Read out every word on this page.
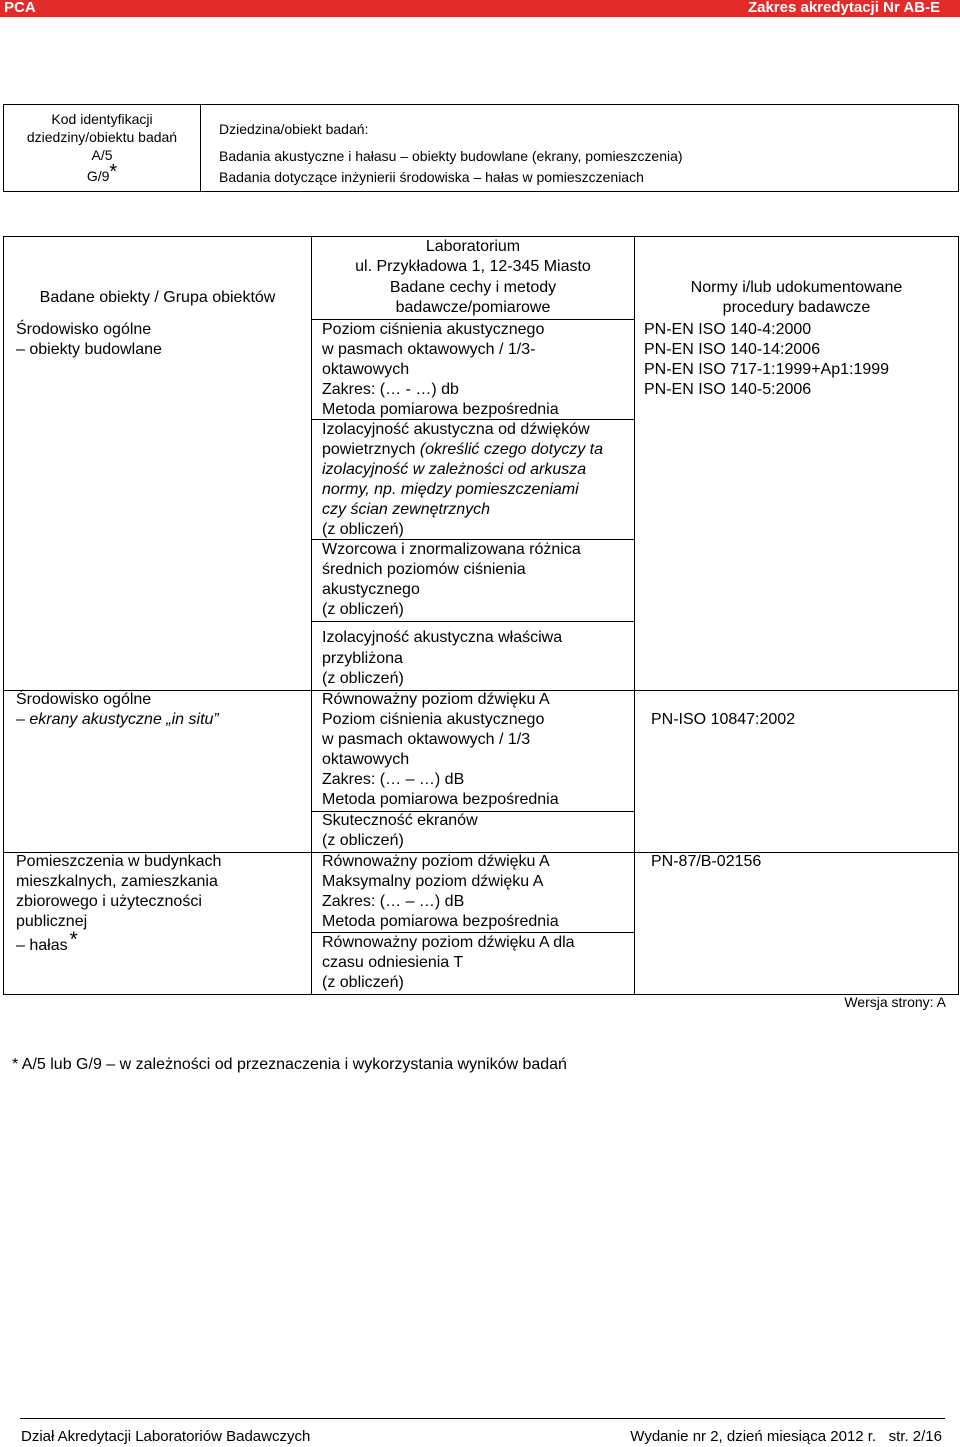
PCA	Zakres akredytacji Nr AB-E
Kod identyfikacji
dziedziny/obiektu badań
A/5
G/9*
Dziedzina/obiekt badań:
Badania akustyczne i hałasu – obiekty budowlane (ekrany, pomieszczenia)
Badania dotyczące inżynierii środowiska – hałas w pomieszczeniach
Badane obiekty / Grupa obiektów
Laboratorium
ul. Przykładowa 1, 12-345 Miasto
Badane cechy i metody
badawcze/pomiarowe
Normy i/lub udokumentowane
procedury badawcze
Środowisko ogólne
– obiekty budowlane
Środowisko ogólne
– ekrany akustyczne „in situ”
Pomieszczenia w budynkach
mieszkalnych, zamieszkania
zbiorowego i użyteczności
publicznej
– hałas*
Poziom ciśnienia akustycznego
w pasmach oktawowych / 1/3-
oktawowych
Zakres: (… - …) db
Metoda pomiarowa bezpośrednia
Izolacyjność akustyczna od dźwięków
powietrznych (określić czego dotyczy ta
izolacyjność w zależności od arkusza
normy, np. między pomieszczeniami
czy ścian zewnętrznych
(z obliczeń)
Wzorcowa i znormalizowana różnica
średnich poziomów ciśnienia
akustycznego
(z obliczeń)
Izolacyjność akustyczna właściwa
przybliżona
(z obliczeń)
Równoważny poziom dźwięku A
Poziom ciśnienia akustycznego
w pasmach oktawowych / 1/3
oktawowych
Zakres: (… – …) dB
Metoda pomiarowa bezpośrednia
Skuteczność ekranów
(z obliczeń)
Równoważny poziom dźwięku A
Maksymalny poziom dźwięku A
Zakres: (… – …) dB
Metoda pomiarowa bezpośrednia
Równoważny poziom dźwięku A dla
czasu odniesienia T
(z obliczeń)
PN-EN ISO 140-4:2000
PN-EN ISO 140-14:2006
PN-EN ISO 717-1:1999+Ap1:1999
PN-EN ISO 140-5:2006
PN-ISO 10847:2002
PN-87/B-02156
Wersja strony: A
* A/5 lub G/9 – w zależności od przeznaczenia i wykorzystania wyników badań
Dział Akredytacji Laboratoriów Badawczych	Wydanie nr 2, dzień miesiąca 2012 r.   str. 2/16
